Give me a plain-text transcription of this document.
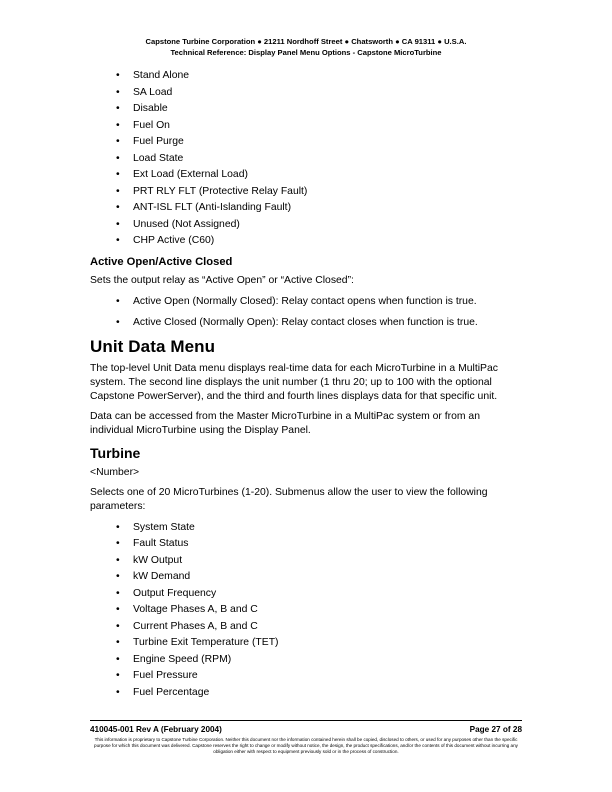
Capstone Turbine Corporation ● 21211 Nordhoff Street ● Chatsworth ● CA 91311 ● U.S.A.
Technical Reference: Display Panel Menu Options - Capstone MicroTurbine
• Stand Alone
• SA Load
• Disable
• Fuel On
• Fuel Purge
• Load State
• Ext Load (External Load)
• PRT RLY FLT (Protective Relay Fault)
• ANT-ISL FLT (Anti-Islanding Fault)
• Unused (Not Assigned)
• CHP Active (C60)
Active Open/Active Closed

Sets the output relay as “Active Open” or “Active Closed”:

• Active Open (Normally Closed): Relay contact opens when function is true.
• Active Closed (Normally Open): Relay contact closes when function is true.
Unit Data Menu

The top-level Unit Data menu displays real-time data for each MicroTurbine in a MultiPac system. The second line displays the unit number (1 thru 20; up to 100 with the optional Capstone PowerServer), and the third and fourth lines displays data for that specific unit.

Data can be accessed from the Master MicroTurbine in a MultiPac system or from an individual MicroTurbine using the Display Panel.

Turbine

<Number>

Selects one of 20 MicroTurbines (1-20). Submenus allow the user to view the following parameters:

• System State
• Fault Status
• kW Output
• kW Demand
• Output Frequency
• Voltage Phases A, B and C
• Current Phases A, B and C
• Turbine Exit Temperature (TET)
• Engine Speed (RPM)
• Fuel Pressure
• Fuel Percentage
410045-001 Rev A (February 2004)	Page 27 of 28
This information is proprietary to Capstone Turbine Corporation. Neither this document nor the information contained herein shall be copied, disclosed to others, or used for any purposes other than the specific purpose for which this document was delivered. Capstone reserves the right to change or modify without notice, the design, the product specifications, and/or the contents of this document without incurring any obligation either with respect to equipment previously sold or in the process of construction.
